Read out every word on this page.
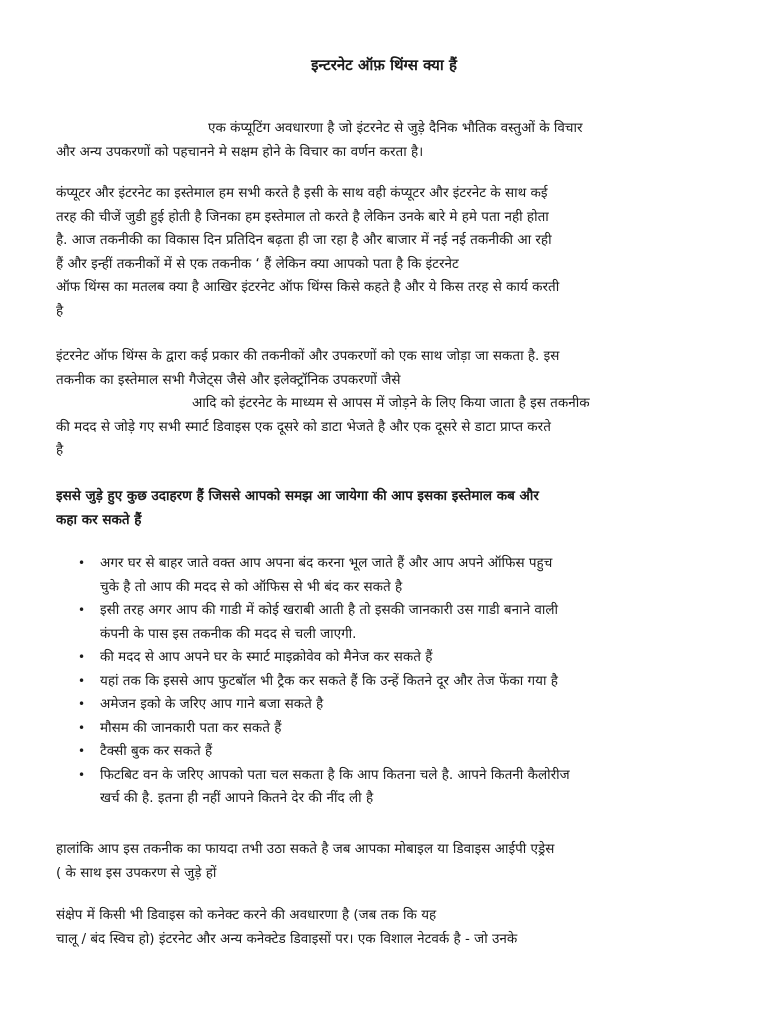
इन्टरनेट ऑफ़ थिंग्स क्या हैं

एक कंप्यूटिंग अवधारणा है जो इंटरनेट से जुड़े दैनिक भौतिक वस्तुओं के विचार
और अन्य उपकरणों को पहचानने मे सक्षम होने के विचार का वर्णन करता है।

कंप्यूटर और इंटरनेट का इस्तेमाल हम सभी करते है इसी के साथ वही कंप्यूटर और इंटरनेट के साथ कई
तरह की चीजें जुडी हुई होती है जिनका हम इस्तेमाल तो करते है लेकिन उनके बारे मे हमे पता नही होता
है. आज तकनीकी का विकास दिन प्रतिदिन बढ़ता ही जा रहा है और बाजार में नई नई तकनीकी आ रही
हैं और इन्हीं तकनीकों में से एक तकनीक ‘ हैं लेकिन क्या आपको पता है कि इंटरनेट
ऑफ थिंग्स का मतलब क्या है आखिर इंटरनेट ऑफ थिंग्स किसे कहते है और ये किस तरह से कार्य करती
है

इंटरनेट ऑफ थिंग्स के द्वारा कई प्रकार की तकनीकों और उपकरणों को एक साथ जोड़ा जा सकता है. इस
तकनीक का इस्तेमाल सभी गैजेट्स जैसे और इलेक्ट्रॉनिक उपकरणों जैसे
आदि को इंटरनेट के माध्यम से आपस में जोड़ने के लिए किया जाता है इस तकनीक
की मदद से जोड़े गए सभी स्मार्ट डिवाइस एक दूसरे को डाटा भेजते है और एक दूसरे से डाटा प्राप्त करते
है

इससे जुड़े हुए कुछ उदाहरण हैं जिससे आपको समझ आ जायेगा की आप इसका इस्तेमाल कब और
कहा कर सकते हैं

• अगर घर से बाहर जाते वक्त आप अपना बंद करना भूल जाते हैं और आप अपने ऑफिस पहुच
चुके है तो आप की मदद से को ऑफिस से भी बंद कर सकते है
• इसी तरह अगर आप की गाडी में कोई खराबी आती है तो इसकी जानकारी उस गाडी बनाने वाली
कंपनी के पास इस तकनीक की मदद से चली जाएगी.
• की मदद से आप अपने घर के स्मार्ट माइक्रोवेव को मैनेज कर सकते हैं
• यहां तक कि इससे आप फुटबॉल भी ट्रैक कर सकते हैं कि उन्हें कितने दूर और तेज फेंका गया है
• अमेजन इको के जरिए आप गाने बजा सकते है
• मौसम की जानकारी पता कर सकते हैं
• टैक्सी बुक कर सकते हैं
• फिटबिट वन के जरिए आपको पता चल सकता है कि आप कितना चले है. आपने कितनी कैलोरीज
खर्च की है. इतना ही नहीं आपने कितने देर की नींद ली है

हालांकि आप इस तकनीक का फायदा तभी उठा सकते है जब आपका मोबाइल या डिवाइस आईपी एड्रेस
( के साथ इस उपकरण से जुड़े हों

संक्षेप में किसी भी डिवाइस को कनेक्ट करने की अवधारणा है (जब तक कि यह
चालू / बंद स्विच हो) इंटरनेट और अन्य कनेक्टेड डिवाइसों पर। एक विशाल नेटवर्क है - जो उनके
